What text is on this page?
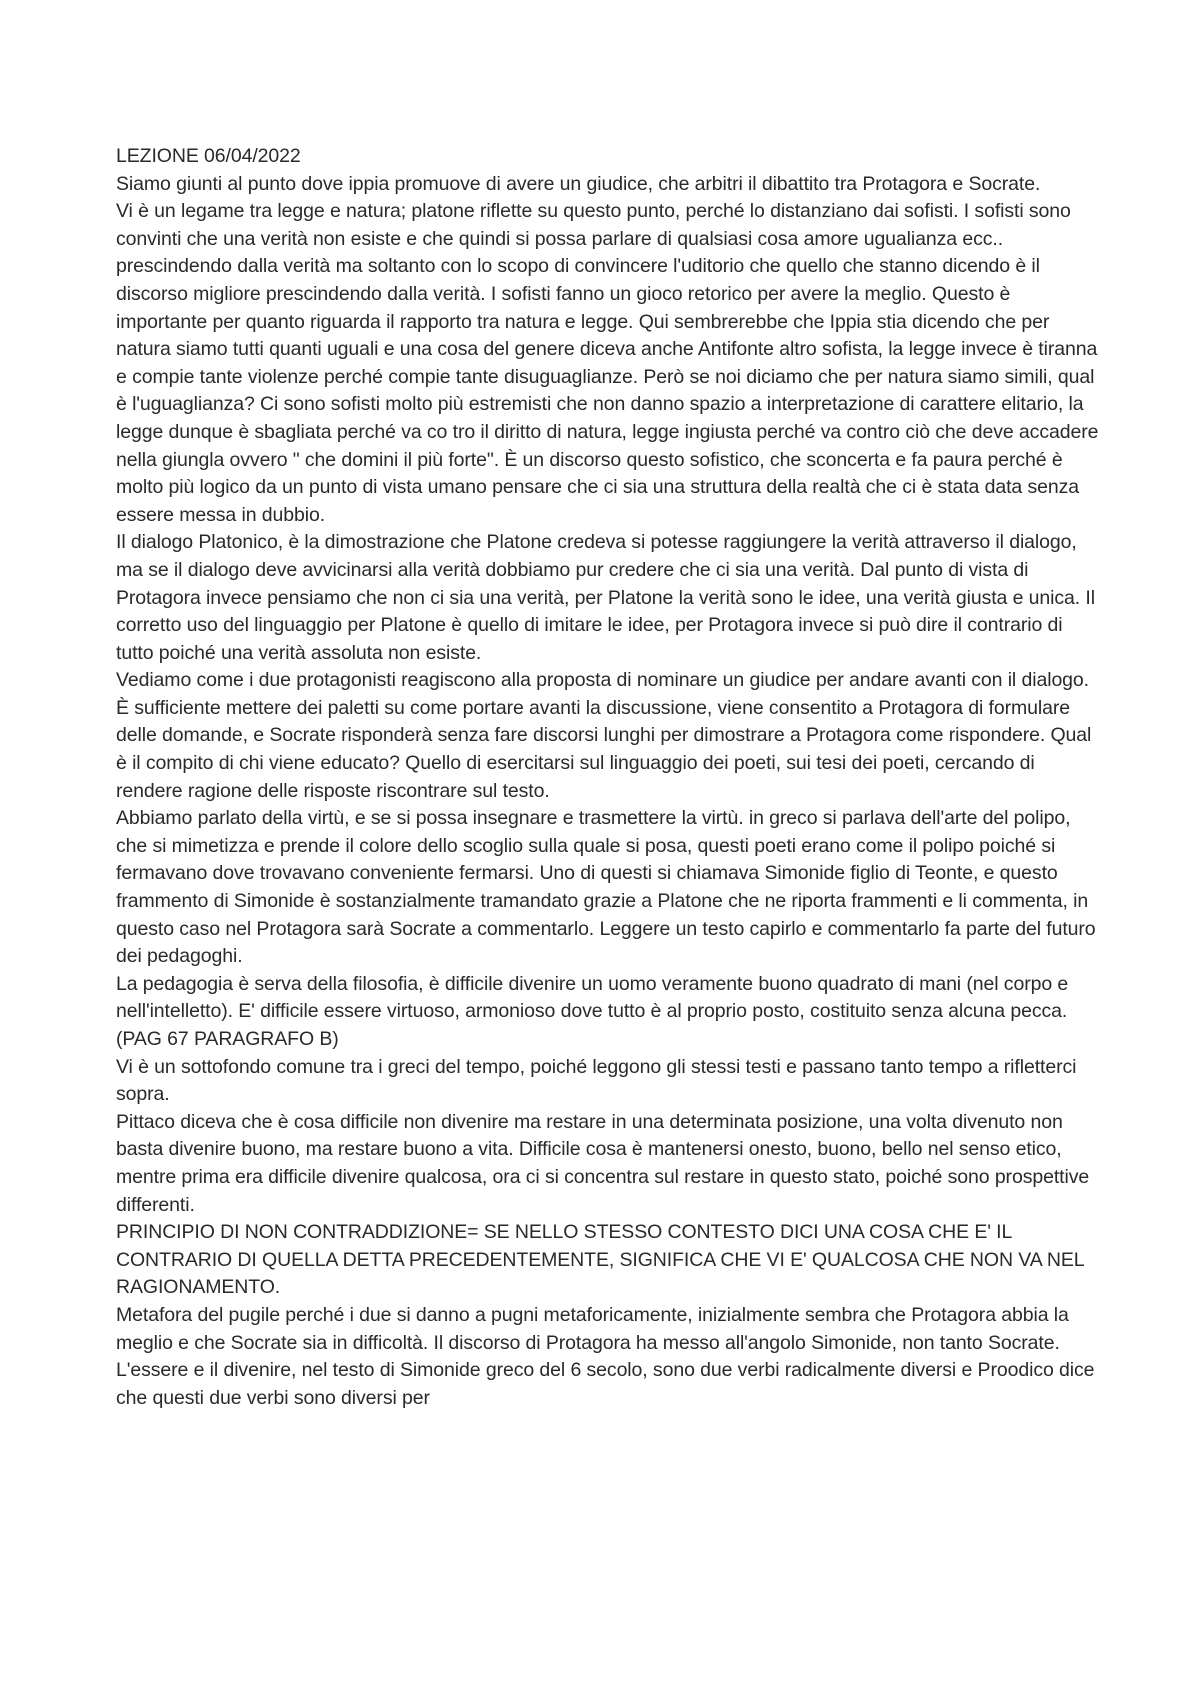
LEZIONE 06/04/2022

Siamo giunti al punto dove ippia promuove di avere un giudice, che arbitri il dibattito tra Protagora e Socrate.

Vi è un legame tra legge e natura; platone riflette su questo punto, perché lo distanziano dai sofisti. I sofisti sono convinti che una verità non esiste e che quindi si possa parlare di qualsiasi cosa amore ugualianza ecc.. prescindendo dalla verità ma soltanto con lo scopo di convincere l'uditorio che quello che stanno dicendo è il discorso migliore prescindendo dalla verità. I sofisti fanno un gioco retorico per avere la meglio. Questo è importante per quanto riguarda il rapporto tra natura e legge. Qui sembrerebbe che Ippia stia dicendo che per natura siamo tutti quanti uguali e una cosa del genere diceva anche Antifonte altro sofista, la legge invece è tiranna e compie tante violenze perché compie tante disuguaglianze. Però se noi diciamo che per natura siamo simili, qual è l'uguaglianza? Ci sono sofisti molto più estremisti che non danno spazio a interpretazione di carattere elitario, la legge dunque è sbagliata perché va co tro il diritto di natura, legge ingiusta perché va contro ciò che deve accadere nella giungla ovvero " che domini il più forte". È un discorso questo sofistico, che sconcerta e fa paura perché è molto più logico da un punto di vista umano pensare che ci sia una struttura della realtà che ci è stata data senza essere messa in dubbio.

Il dialogo Platonico, è la dimostrazione che Platone credeva si potesse raggiungere la verità attraverso il dialogo, ma se il dialogo deve avvicinarsi alla verità dobbiamo pur credere che ci sia una verità. Dal punto di vista di Protagora invece pensiamo che non ci sia una verità, per Platone la verità sono le idee, una verità giusta e unica. Il corretto uso del linguaggio per Platone è quello di imitare le idee, per Protagora invece si può dire il contrario di tutto poiché una verità assoluta non esiste.

Vediamo come i due protagonisti reagiscono alla proposta di nominare un giudice per andare avanti con il dialogo. È sufficiente mettere dei paletti su come portare avanti la discussione, viene consentito a Protagora di formulare delle domande, e Socrate risponderà senza fare discorsi lunghi per dimostrare a Protagora come rispondere. Qual è il compito di chi viene educato? Quello di esercitarsi sul linguaggio dei poeti, sui tesi dei poeti, cercando di rendere ragione delle risposte riscontrare sul testo.

Abbiamo parlato della virtù, e se si possa insegnare e trasmettere la virtù. in greco si parlava dell'arte del polipo, che si mimetizza e prende il colore dello scoglio sulla quale si posa, questi poeti erano come il polipo poiché si fermavano dove trovavano conveniente fermarsi. Uno di questi si chiamava Simonide figlio di Teonte, e questo frammento di Simonide è sostanzialmente tramandato grazie a Platone che ne riporta frammenti e li commenta, in questo caso nel Protagora sarà Socrate a commentarlo. Leggere un testo capirlo e commentarlo fa parte del futuro dei pedagoghi.

La pedagogia è serva della filosofia, è difficile divenire un uomo veramente buono quadrato di mani (nel corpo e nell'intelletto). E' difficile essere virtuoso, armonioso dove tutto è al proprio posto, costituito senza alcuna pecca. (PAG 67 PARAGRAFO B)

Vi è un sottofondo comune tra i greci del tempo, poiché leggono gli stessi testi e passano tanto tempo a rifletterci sopra.

Pittaco diceva che è cosa difficile non divenire ma restare in una determinata posizione, una volta divenuto non basta divenire buono, ma restare buono a vita. Difficile cosa è mantenersi onesto, buono, bello nel senso etico, mentre prima era difficile divenire qualcosa, ora ci si concentra sul restare in questo stato, poiché sono prospettive differenti.

PRINCIPIO DI NON CONTRADDIZIONE= SE NELLO STESSO CONTESTO DICI UNA COSA CHE E' IL CONTRARIO DI QUELLA DETTA PRECEDENTEMENTE, SIGNIFICA CHE VI E' QUALCOSA CHE NON VA NEL RAGIONAMENTO.

Metafora del pugile perché i due si danno a pugni metaforicamente, inizialmente sembra che Protagora abbia la meglio e che Socrate sia in difficoltà. Il discorso di Protagora ha messo all'angolo Simonide, non tanto Socrate. L'essere e il divenire, nel testo di Simonide greco del 6 secolo, sono due verbi radicalmente diversi e Proodico dice che questi due verbi sono diversi per
